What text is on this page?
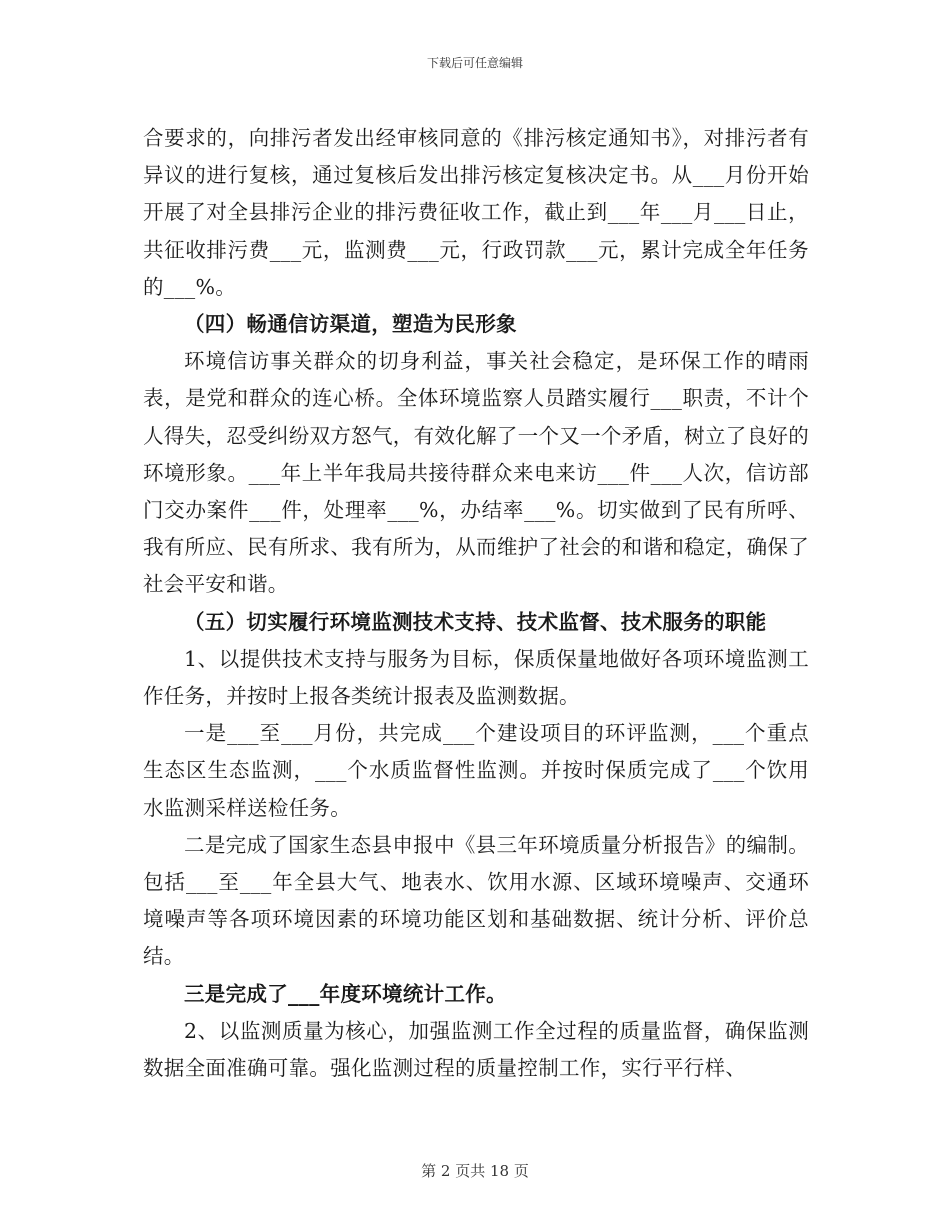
下载后可任意编辑

合要求的，向排污者发出经审核同意的《排污核定通知书》，对排污者有异议的进行复核，通过复核后发出排污核定复核决定书。从___月份开始开展了对全县排污企业的排污费征收工作，截止到___年___月___日止，共征收排污费___元，监测费___元，行政罚款___元，累计完成全年任务的___%。

（四）畅通信访渠道，塑造为民形象

环境信访事关群众的切身利益，事关社会稳定，是环保工作的晴雨表，是党和群众的连心桥。全体环境监察人员踏实履行___职责，不计个人得失，忍受纠纷双方怒气，有效化解了一个又一个矛盾，树立了良好的环境形象。___年上半年我局共接待群众来电来访___件___人次，信访部门交办案件___件，处理率___%，办结率___%。切实做到了民有所呼、我有所应、民有所求、我有所为，从而维护了社会的和谐和稳定，确保了社会平安和谐。

（五）切实履行环境监测技术支持、技术监督、技术服务的职能

1、以提供技术支持与服务为目标，保质保量地做好各项环境监测工作任务，并按时上报各类统计报表及监测数据。

一是___至___月份，共完成___个建设项目的环评监测，___个重点生态区生态监测，___个水质监督性监测。并按时保质完成了___个饮用水监测采样送检任务。

二是完成了国家生态县申报中《县三年环境质量分析报告》的编制。包括___至___年全县大气、地表水、饮用水源、区域环境噪声、交通环境噪声等各项环境因素的环境功能区划和基础数据、统计分析、评价总结。

三是完成了___年度环境统计工作。

2、以监测质量为核心，加强监测工作全过程的质量监督，确保监测数据全面准确可靠。强化监测过程的质量控制工作，实行平行样、

第 2 页共 18 页
